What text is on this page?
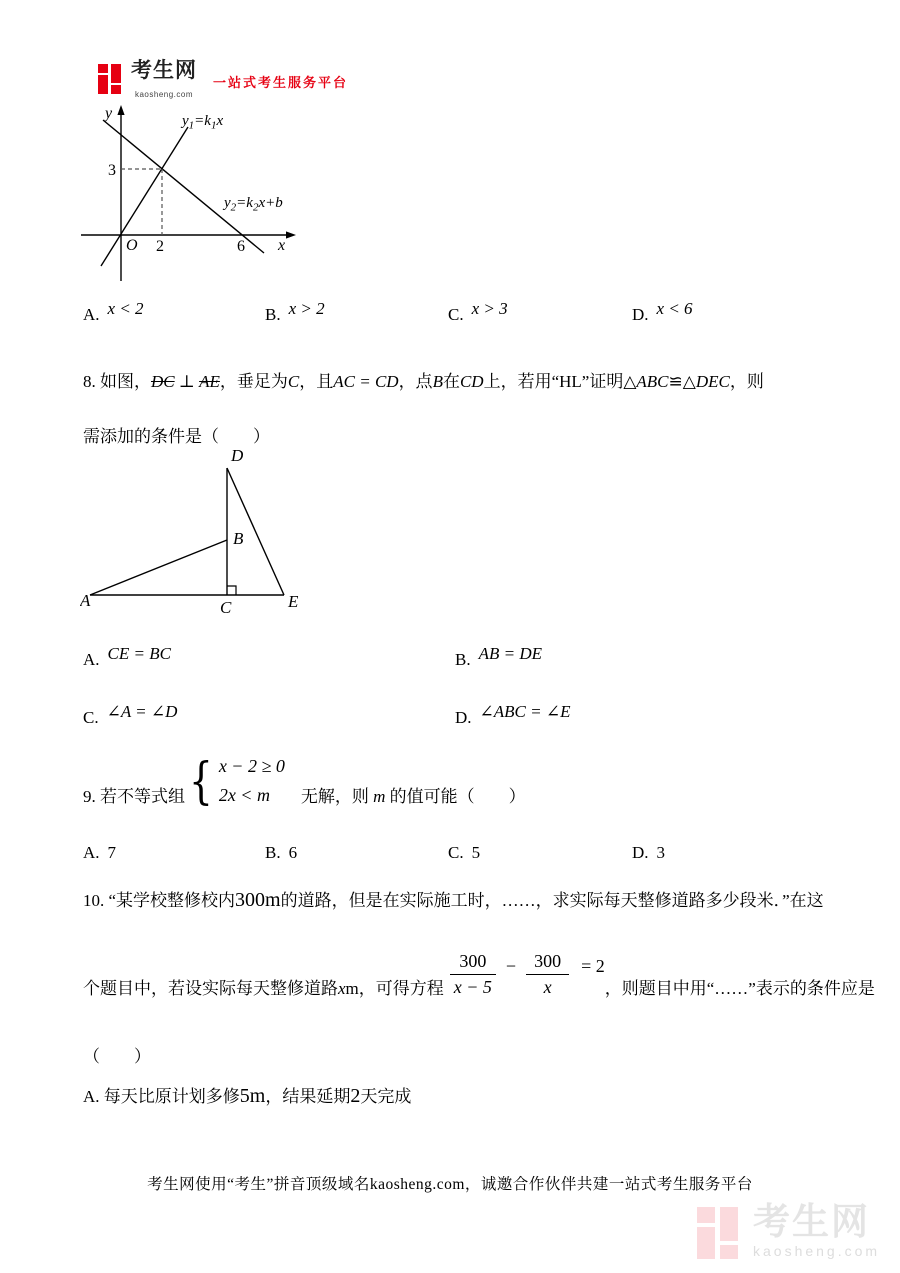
考生网
kaosheng.com
一站式考生服务平台
y
x
O
3
2	6
$y_1=k_1x$
$y_2=k_2x+b$
A. x < 2	B. x > 2	C. x > 3	D. x < 6
8. 如图，DC ⊥ AE，垂足为C，且AC = CD，点B在CD上，若用“HL”证明△ABC≌△DEC，则
需添加的条件是（　　）
D
B
A	C	E
A. CE = BC	B. AB = DE
C. ∠A = ∠D	D. ∠ABC = ∠E
9. 若不等式组 { x − 2 ≥ 0
2x < m	无解，则 m 的值可能（　　）
A. 7	B. 6	C. 5	D. 3
10. “某学校整修校内300m的道路，但是在实际施工时，……，求实际每天整修道路多少段米．”在这
个题目中，若设实际每天整修道路xm，可得方程 $\frac{300}{x - 5} - \frac{300}{x} = 2$
，则题目中用“……”表示的条件应是
（　　）
A. 每天比原计划多修5m，结果延期2天完成
考生网使用“考生”拼音顶级域名kaosheng.com，诚邀合作伙伴共建一站式考生服务平台
考生网
kaosheng.com
